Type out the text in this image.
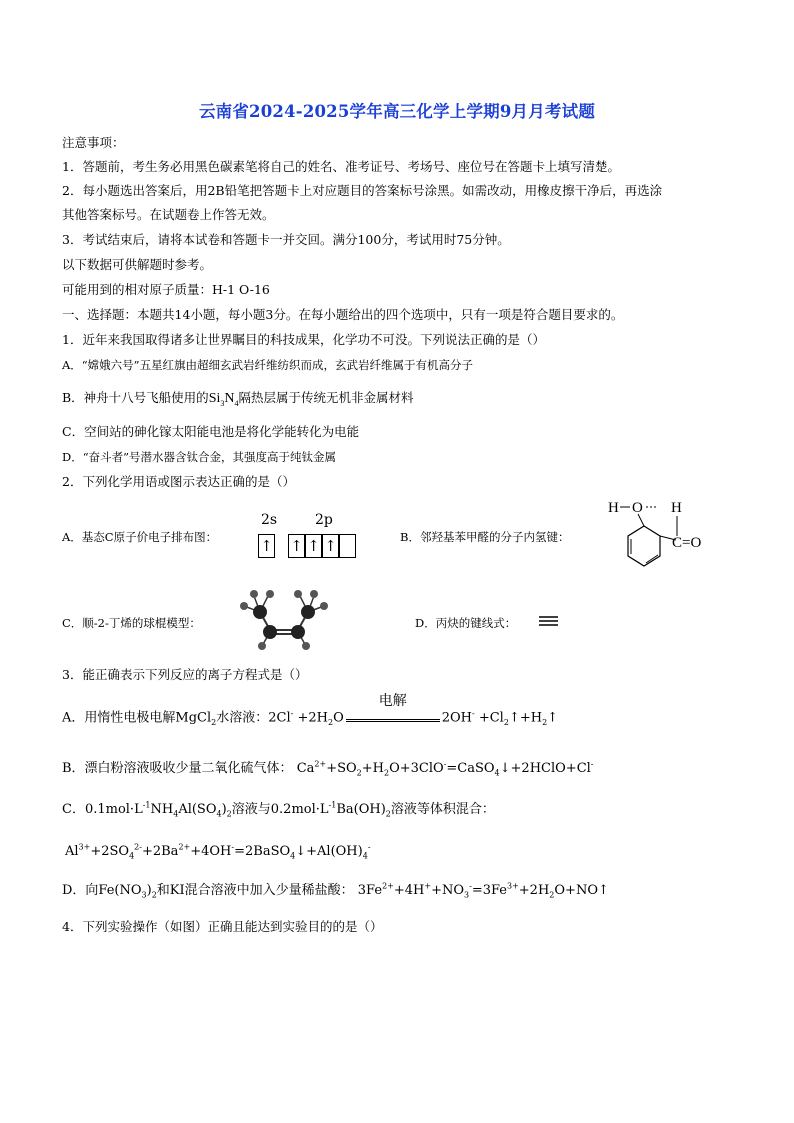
云南省2024-2025学年高三化学上学期9月月考试题
注意事项：
1．答题前，考生务必用黑色碳素笔将自己的姓名、准考证号、考场号、座位号在答题卡上填写清楚。
2．每小题选出答案后，用2B铅笔把答题卡上对应题目的答案标号涂黑。如需改动，用橡皮擦干净后，再选涂
其他答案标号。在试题卷上作答无效。
3．考试结束后，请将本试卷和答题卡一并交回。满分100分，考试用时75分钟。
以下数据可供解题时参考。
可能用到的相对原子质量：H-1 O-16
一、选择题：本题共14小题，每小题3分。在每小题给出的四个选项中，只有一项是符合题目要求的。
1．近年来我国取得诸多让世界瞩目的科技成果，化学功不可没。下列说法正确的是（）
A．“嫦娥六号”五星红旗由超细玄武岩纤维纺织而成，玄武岩纤维属于有机高分子
B．神舟十八号飞船使用的$Si_3N_4$隔热层属于传统无机非金属材料
C．空间站的砷化镓太阳能电池是将化学能转化为电能
D．“奋斗者”号潜水器含钛合金，其强度高于纯钛金属
2．下列化学用语或图示表达正确的是（）
A．基态C原子价电子排布图：
2s	2p
↑ ↑ ↑ ↑	B．邻羟基苯甲醛的分子内氢键：
H O H
C=O
C．顺-2-丁烯的球棍模型：	D．丙炔的键线式：
3．能正确表示下列反应的离子方程式是（）
A．用惰性电极电解MgCl$_2$水溶液：$2Cl^- +2H_2O$
电解
$2OH^- +Cl_2↑+H_2↑$
B．漂白粉溶液吸收少量二氧化硫气体： $Ca^{2+}+SO_2+H_2O+3ClO^-=CaSO_4↓+2HClO+Cl^-$
C．$0.1mol\cdot L^{-1}NH_4Al(SO_4)_2$溶液与$0.2mol\cdot L^{-1}Ba(OH)_2$溶液等体积混合：
$Al^{3+}+2SO_4^{2-}+2Ba^{2+}+4OH^-=2BaSO_4↓+Al(OH)_4^-$
D．向$Fe(NO_3)_2$和KI混合溶液中加入少量稀盐酸： $3Fe^{2+}+4H^++NO_3^-=3Fe^{3+}+2H_2O+NO↑$
4．下列实验操作（如图）正确且能达到实验目的的是（）
